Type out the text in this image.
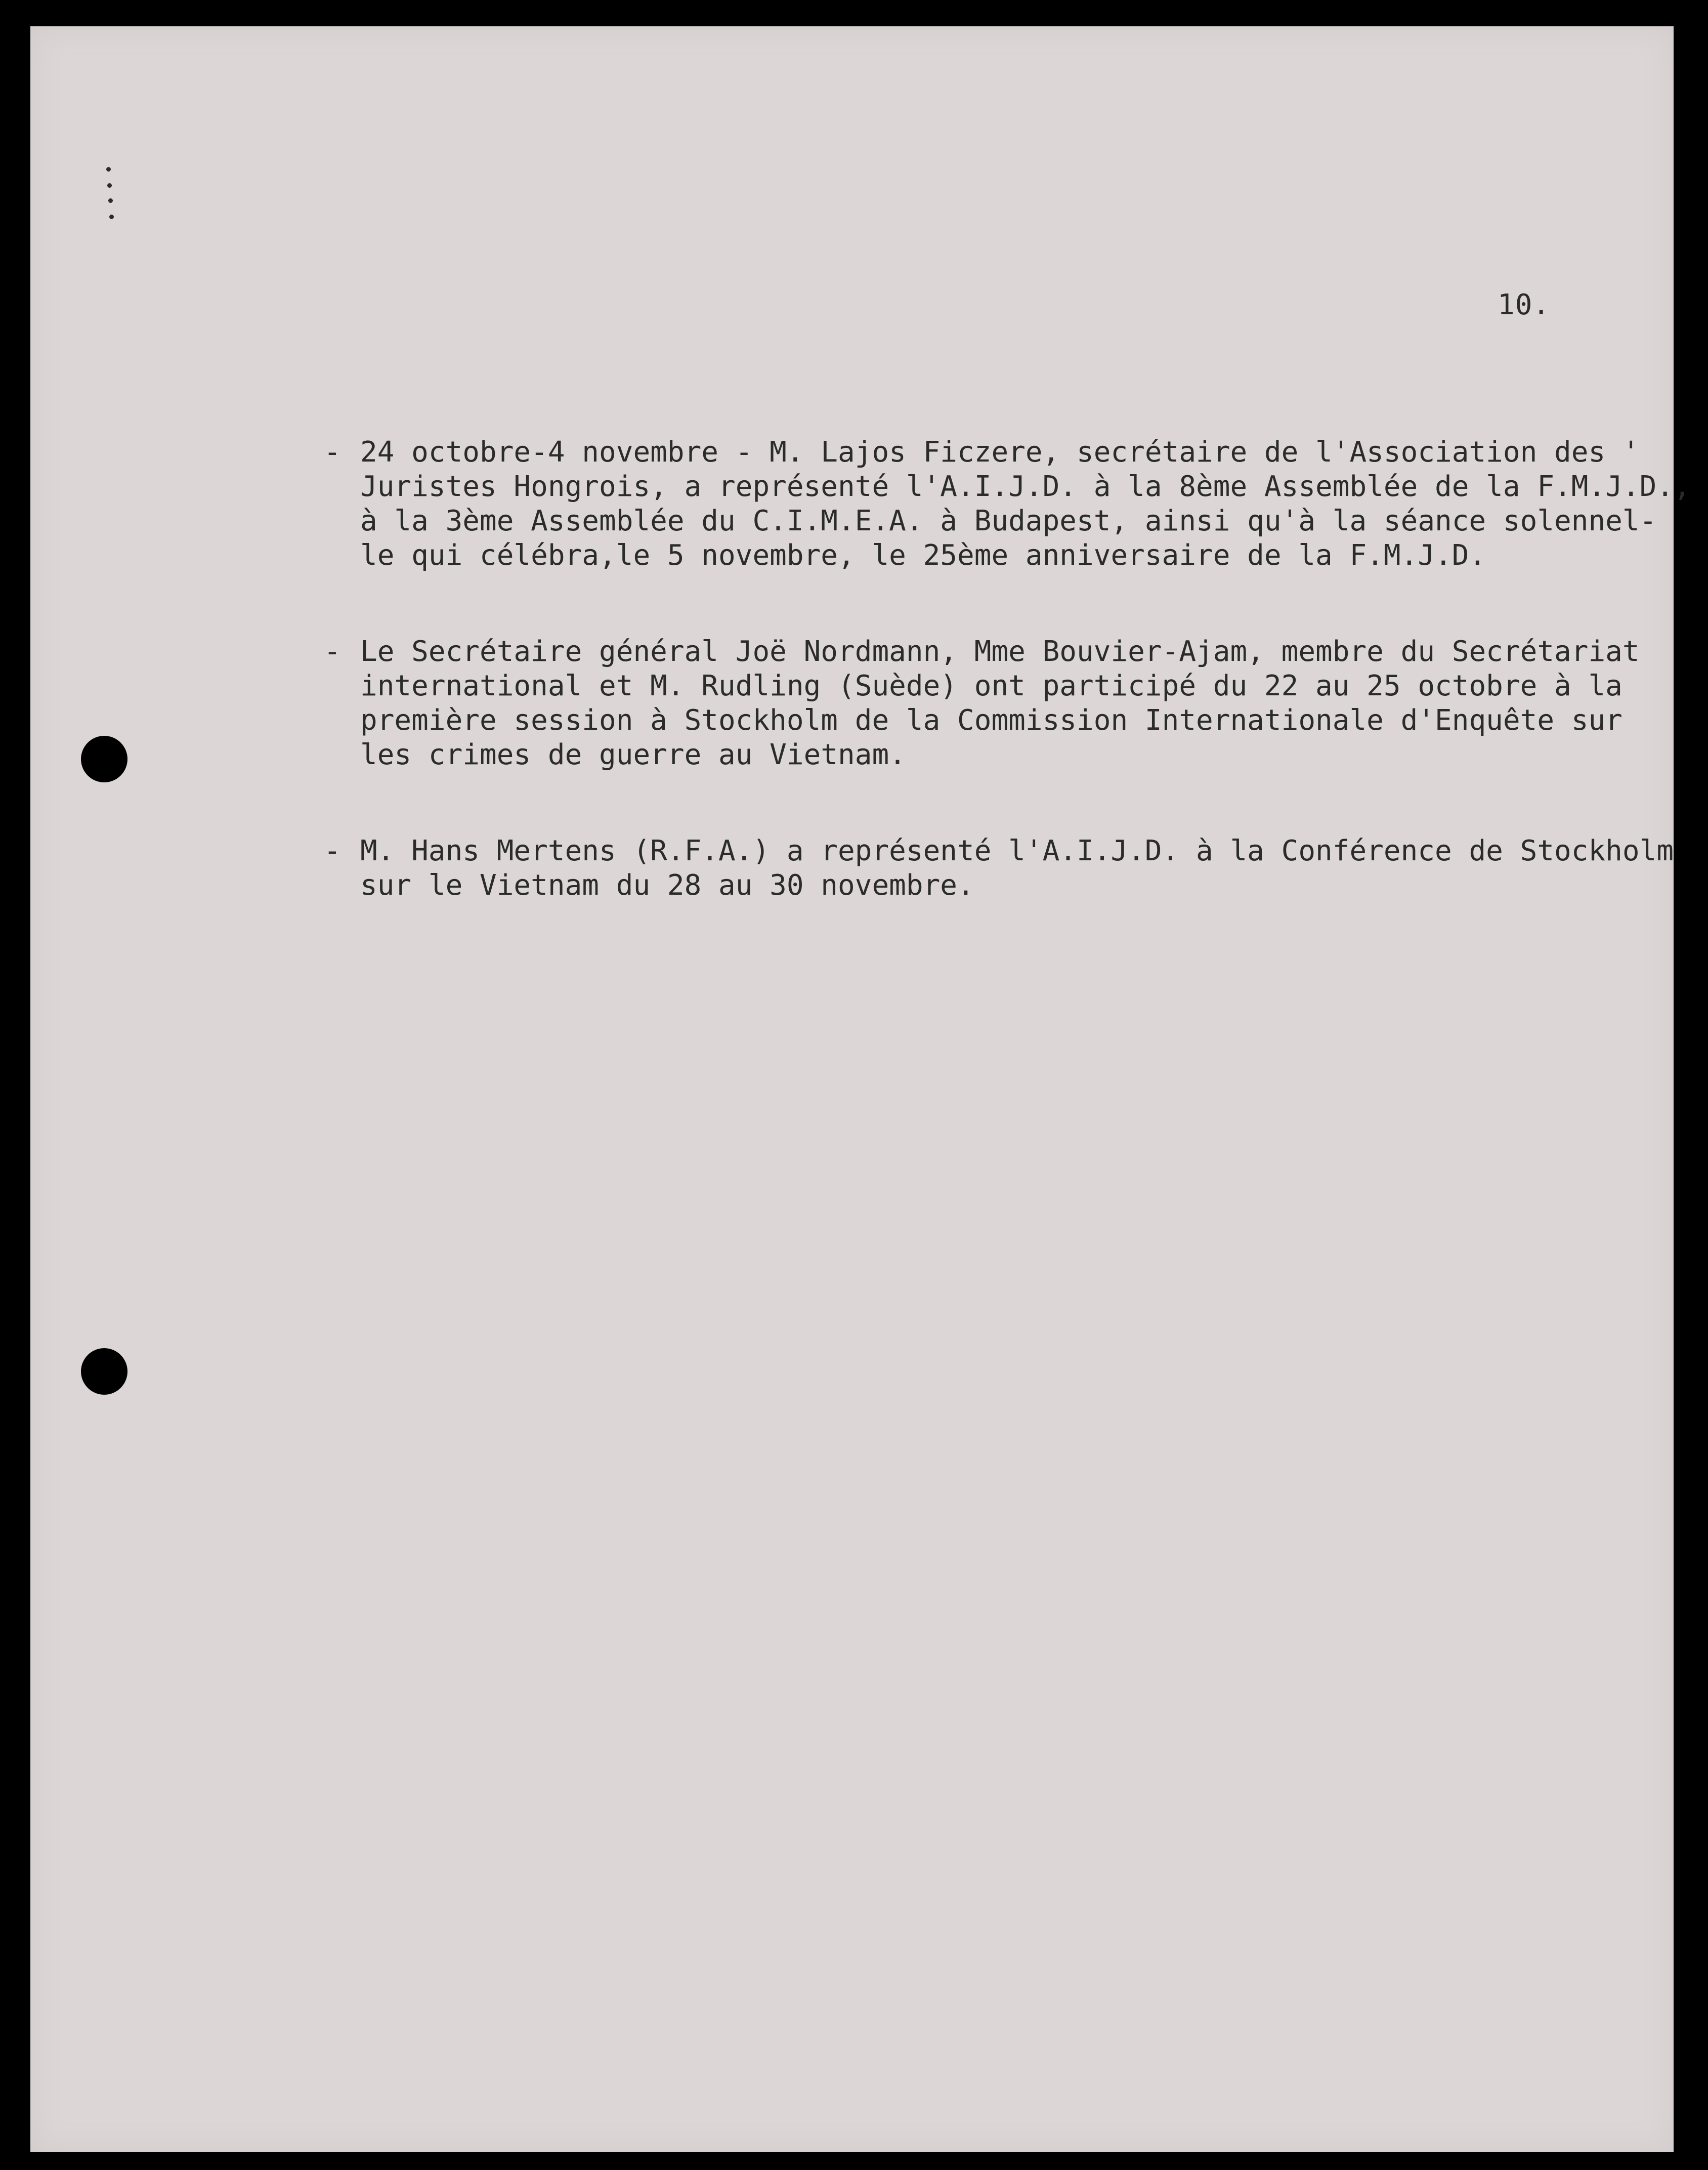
10.
- 24 octobre-4 novembre - M. Lajos Ficzere, secrétaire de l'Association des '
Juristes Hongrois, a représenté l'A.I.J.D. à la 8ème Assemblée de la F.M.J.D.,
à la 3ème Assemblée du C.I.M.E.A. à Budapest, ainsi qu'à la séance solennel-
le qui célébra,le 5 novembre, le 25ème anniversaire de la F.M.J.D.
- Le Secrétaire général Joë Nordmann, Mme Bouvier-Ajam, membre du Secrétariat
international et M. Rudling (Suède) ont participé du 22 au 25 octobre à la
première session à Stockholm de la Commission Internationale d'Enquête sur
les crimes de guerre au Vietnam.
- M. Hans Mertens (R.F.A.) a représenté l'A.I.J.D. à la Conférence de Stockholm
sur le Vietnam du 28 au 30 novembre.
